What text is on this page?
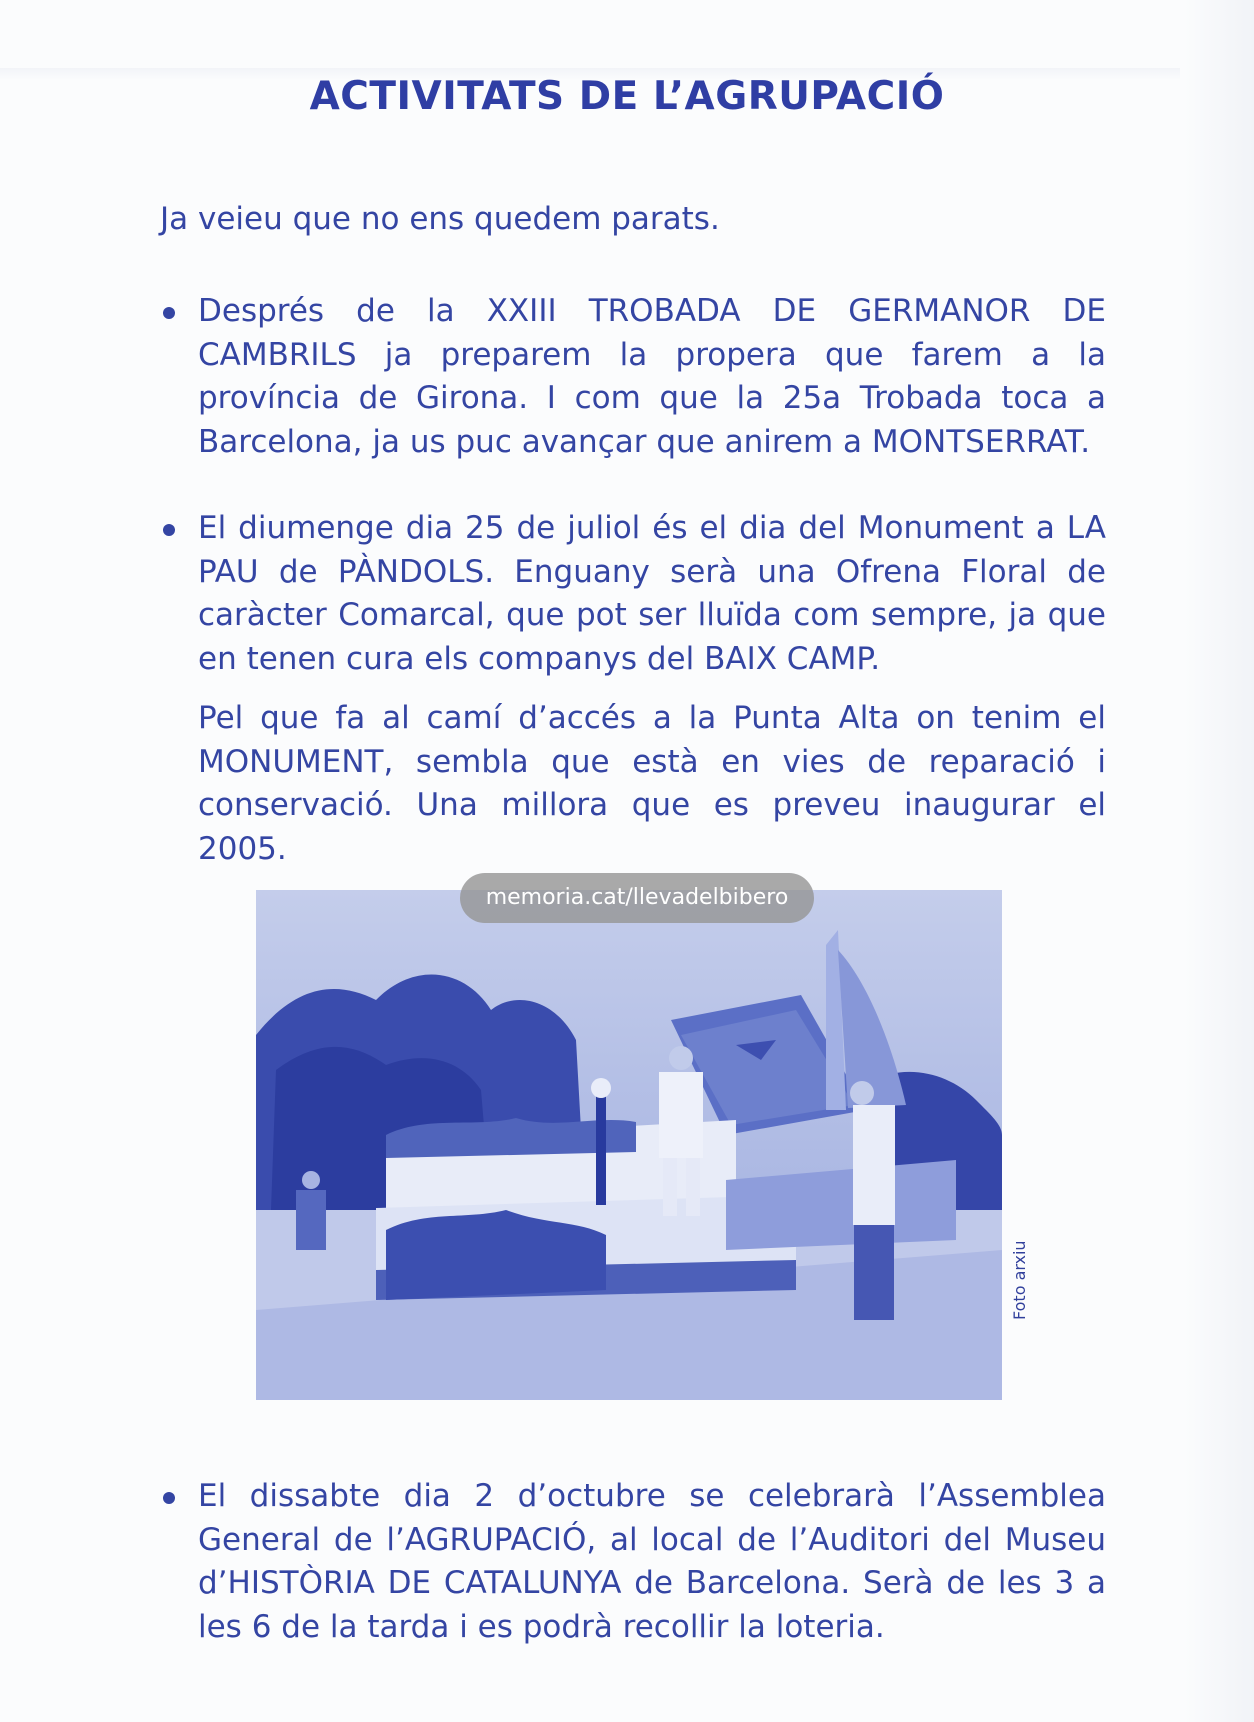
ACTIVITATS DE L’AGRUPACIÓ
Ja veieu que no ens quedem parats.

Després de la XXIII TROBADA DE GERMANOR DE CAMBRILS ja preparem la propera que farem a la província de Girona. I com que la 25a Trobada toca a Barcelona, ja us puc avançar que anirem a MONTSERRAT.

El diumenge dia 25 de juliol és el dia del Monument a LA PAU de PÀNDOLS. Enguany serà una Ofrena Floral de caràcter Comarcal, que pot ser lluïda com sempre, ja que en tenen cura els companys del BAIX CAMP.

Pel que fa al camí d’accés a la Punta Alta on tenim el MONUMENT, sembla que està en vies de reparació i conservació. Una millora que es preveu inaugurar el 2005.

memoria.cat/llevadelbibero
Foto arxiu

El dissabte dia 2 d’octubre se celebrarà l’Assemblea General de l’AGRUPACIÓ, al local de l’Auditori del Museu d’HISTÒRIA DE CATALUNYA de Barcelona. Serà de les 3 a les 6 de la tarda i es podrà recollir la loteria.
